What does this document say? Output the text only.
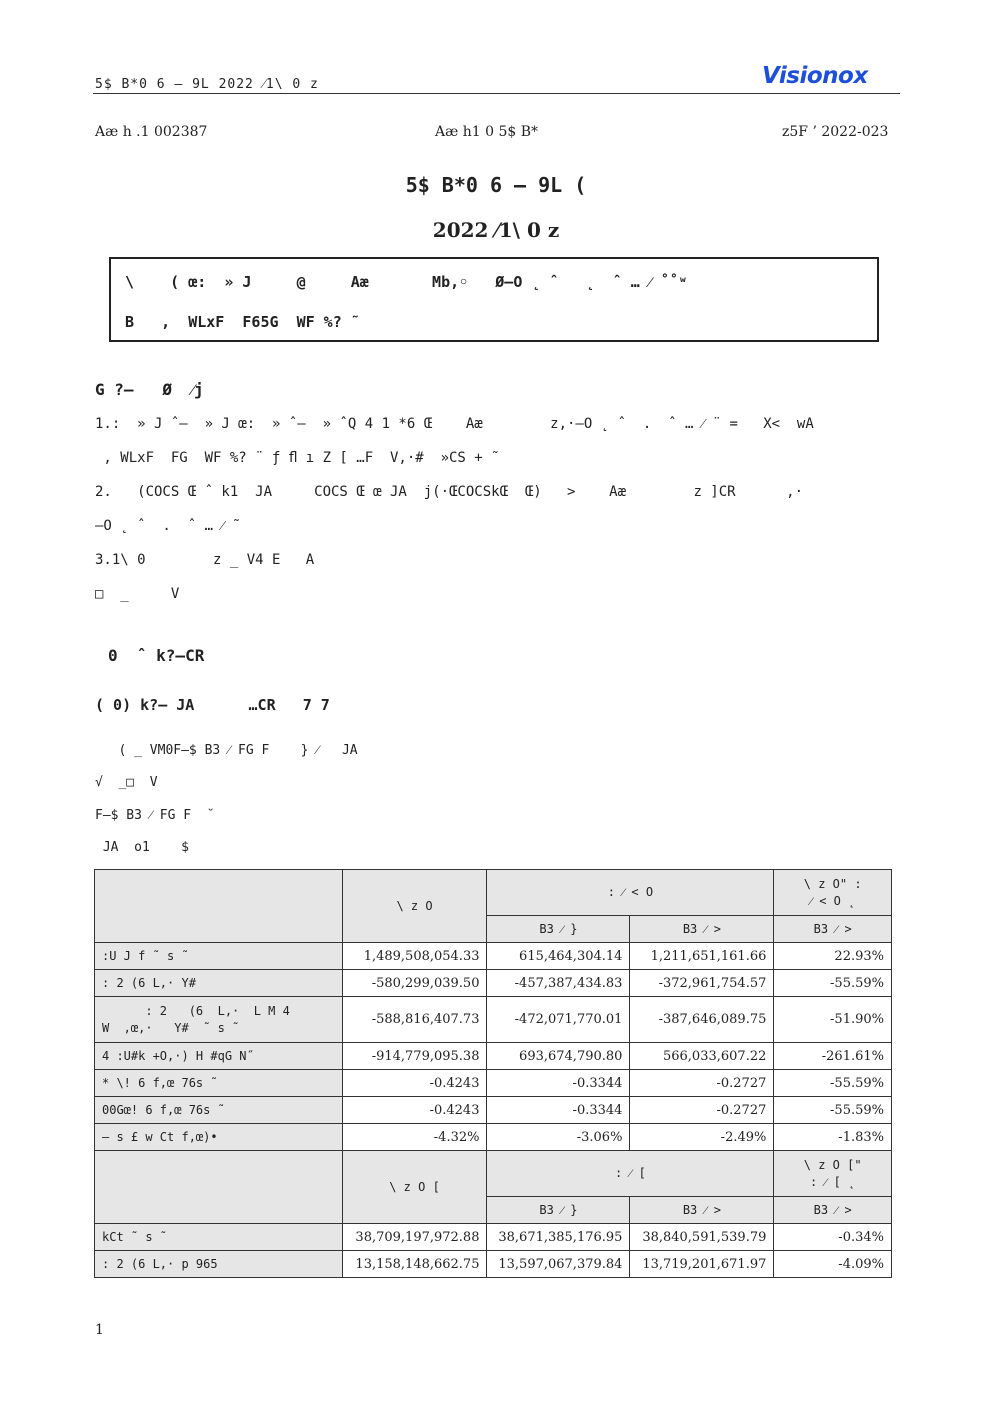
5$ B*0 6 – 9L 2022 ⁄1\ 0 z	Visionox
Aæ h .1 002387	Aæ h1 0 5$ B*	z5F ’ 2022-023
5$ B*0 6 – 9L (
2022 ⁄1\ 0 z
\    ( œ:  » J     @     Aæ       Mb,◦   Ø–O ˛ ˆ   ˛  ˆ … ⁄ ˚˚ʷ
B   ,  WLxF  F65G  WF %? ˜
G ?–   Ø  ⁄j
1.:  » J ˆ–  » J œ:  » ˆ–  » ˆQ 4 1 *6 Œ    Aæ        z,·–O ˛ ˆ  .  ˆ … ⁄ ¨ =   X<  wA
, WLxF  FG  WF %? ¨ ƒ ﬂ ı Z [ …F  V,·#  »CS + ˜
2.   (COCS Œ ˆ k1  JA     COCS Œ œ JA  j(·ŒCOCSkŒ  Œ)   >    Aæ        z ]CR      ,·
–O ˛ ˆ  .  ˆ … ⁄ ˜
3.1\ 0        z _ V4 E   A
□  _     V
0  ˆ k?–CR
( 0) k?– JA      …CR   7 7
( _ VM0F–$ B3 ⁄ FG F    } ⁄   JA
√  _□  V
F–$ B3 ⁄ FG F  ˘
JA  o1    $
	\ z O	: ⁄ < O		\ z O" :
⁄ < O ˛
		B3 ⁄ }	B3 ⁄ >	B3 ⁄ >
:U J f ˜ s ˜	1,489,508,054.33	615,464,304.14	1,211,651,161.66	22.93%
: 2 (6 L,· Y#	-580,299,039.50	-457,387,434.83	-372,961,754.57	-55.59%
: 2   (6  L,·  L M 4
W  ,œ,·   Y#  ˜ s ˜	-588,816,407.73	-472,071,770.01	-387,646,089.75	-51.90%
4 :U#k +O,·) H #qG N˝	-914,779,095.38	693,674,790.80	566,033,607.22	-261.61%
* \! 6 f,œ 76s ˜	-0.4243	-0.3344	-0.2727	-55.59%
00Gœ! 6 f,œ 76s ˜	-0.4243	-0.3344	-0.2727	-55.59%
– s £ w Ct f,œ)•	-4.32%	-3.06%	-2.49%	-1.83%
	\ z O [	: ⁄ [		\ z O ["
: ⁄ [ ˛
		B3 ⁄ }	B3 ⁄ >	B3 ⁄ >
kCt ˜ s ˜	38,709,197,972.88	38,671,385,176.95	38,840,591,539.79	-0.34%
: 2 (6 L,· p 965	13,158,148,662.75	13,597,067,379.84	13,719,201,671.97	-4.09%
1
